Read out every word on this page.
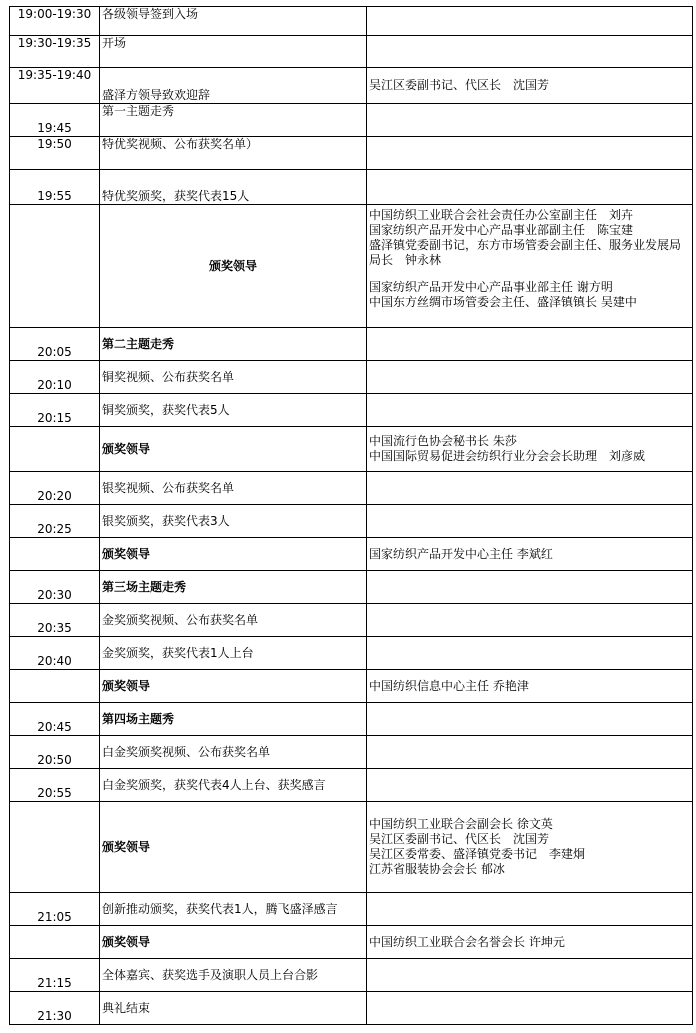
19:00-19:30	各级领导签到入场	
19:30-19:35	开场	
19:35-19:40	盛泽方领导致欢迎辞	吴江区委副书记、代区长　沈国芳
19:45	第一主题走秀	
19:50	特优奖视频、公布获奖名单）	
19:55	特优奖颁奖，获奖代表15人	
	颁奖领导	中国纺织工业联合会社会责任办公室副主任　刘卉
国家纺织产品开发中心产品事业部副主任　陈宝建
盛泽镇党委副书记，东方市场管委会副主任、服务业发展局局长　钟永林
国家纺织产品开发中心产品事业部主任 谢方明
中国东方丝绸市场管委会主任、盛泽镇镇长 吴建中

20:05	第二主题走秀	
20:10	铜奖视频、公布获奖名单	
20:15	铜奖颁奖，获奖代表5人	
	颁奖领导	中国流行色协会秘书长 朱莎
中国国际贸易促进会纺织行业分会会长助理　刘彦威

20:20	银奖视频、公布获奖名单	
20:25	银奖颁奖，获奖代表3人	
	颁奖领导	国家纺织产品开发中心主任 李斌红
20:30	第三场主题走秀	
20:35	金奖颁奖视频、公布获奖名单	
20:40	金奖颁奖，获奖代表1人上台	
	颁奖领导	中国纺织信息中心主任 乔艳津
20:45	第四场主题秀	
20:50	白金奖颁奖视频、公布获奖名单	
20:55	白金奖颁奖，获奖代表4人上台、获奖感言	
	颁奖领导	中国纺织工业联合会副会长 徐文英
吴江区委副书记、代区长　沈国芳
吴江区委常委、盛泽镇党委书记　李建炯
江苏省服装协会会长 郁冰

21:05	创新推动颁奖，获奖代表1人，腾飞盛泽感言	
	颁奖领导	中国纺织工业联合会名誉会长 许坤元
21:15	全体嘉宾、获奖选手及演职人员上台合影	
21:30	典礼结束	
